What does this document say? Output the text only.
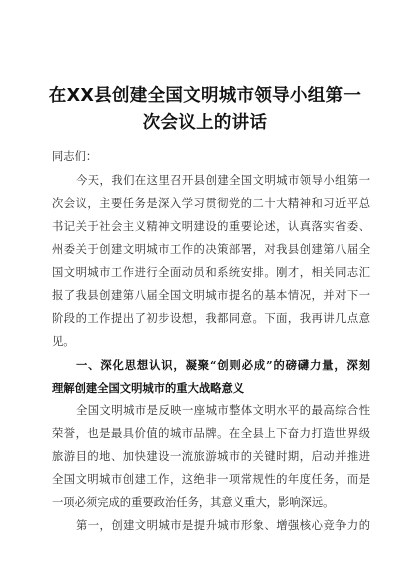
在XX县创建全国文明城市领导小组第一
次会议上的讲话
同志们：
今天，我们在这里召开县创建全国文明城市领导小组第一
次会议，主要任务是深入学习贯彻党的二十大精神和习近平总
书记关于社会主义精神文明建设的重要论述，认真落实省委、
州委关于创建文明城市工作的决策部署，对我县创建第八届全
国文明城市工作进行全面动员和系统安排。刚才，相关同志汇
报了我县创建第八届全国文明城市提名的基本情况，并对下一
阶段的工作提出了初步设想，我都同意。下面，我再讲几点意
见。
一、深化思想认识，凝聚“创则必成”的磅礴力量，深刻
理解创建全国文明城市的重大战略意义
全国文明城市是反映一座城市整体文明水平的最高综合性
荣誉，也是最具价值的城市品牌。在全县上下奋力打造世界级
旅游目的地、加快建设一流旅游城市的关键时期，启动并推进
全国文明城市创建工作，这绝非一项常规性的年度任务，而是
一项必须完成的重要政治任务，其意义重大，影响深远。
第一，创建文明城市是提升城市形象、增强核心竞争力的
